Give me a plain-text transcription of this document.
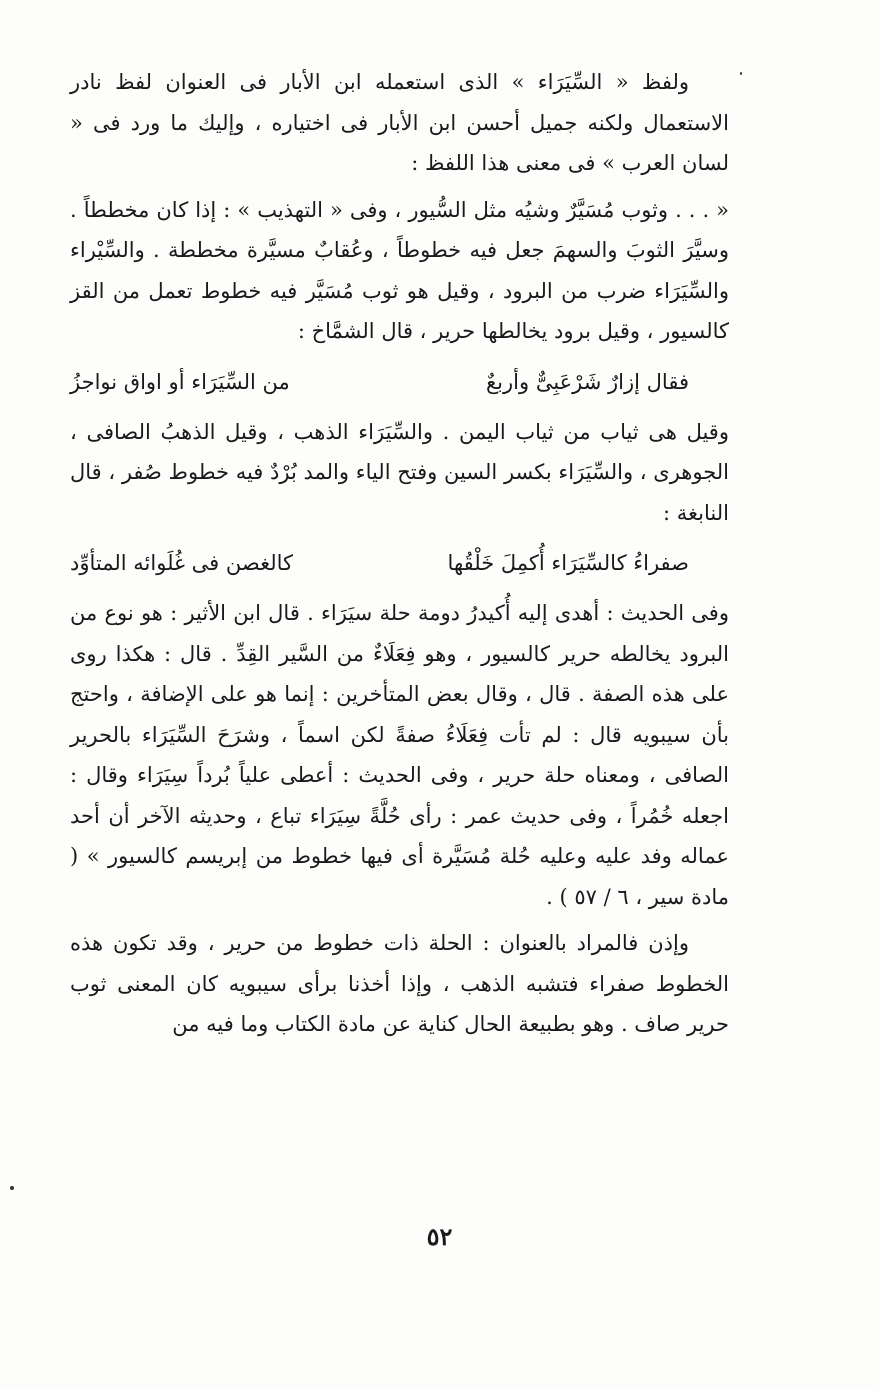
ولفظ « السِّيَرَاء » الذى استعمله ابن الأبار فى العنوان لفظ نادر الاستعمال ولكنه جميل أحسن ابن الأبار فى اختياره ، وإليك ما ورد فى « لسان العرب » فى معنى هذا اللفظ :

« . . . وثوب مُسَيَّرٌ وشيُه مثل السُّيور ، وفى « التهذيب » : إذا كان مخططاً . وسيَّرَ الثوبَ والسهمَ جعل فيه خطوطاً ، وعُقابٌ مسيَّرة مخططة . والسِّيْراء والسِّيَرَاء ضرب من البرود ، وقيل هو ثوب مُسَيَّر فيه خطوط تعمل من القز كالسيور ، وقيل برود يخالطها حرير ، قال الشمَّاخ :

فقال إزارٌ شَرْعَبِىٌّ وأربعٌ
من السِّيَرَاء أو اواق نواجزُ

وقيل هى ثياب من ثياب اليمن . والسِّيَرَاء الذهب ، وقيل الذهبُ الصافى ، الجوهرى ، والسِّيَرَاء بكسر السين وفتح الياء والمد بُرْدٌ فيه خطوط صُفر ، قال النابغة :

صفراءُ كالسِّيَرَاء أُكمِلَ خَلْقُها
كالغصن فى غُلَوائه المتأوِّد

وفى الحديث : أهدى إليه أُكيدرُ دومة حلة سيَرَاء . قال ابن الأثير : هو نوع من البرود يخالطه حرير كالسيور ، وهو فِعَلَاءٌ من السَّير القِدِّ . قال : هكذا روى على هذه الصفة . قال ، وقال بعض المتأخرين : إنما هو على الإضافة ، واحتج بأن سيبويه قال : لم تأت فِعَلَاءُ صفةً لكن اسماً ، وشرَحَ السِّيَرَاء بالحرير الصافى ، ومعناه حلة حرير ، وفى الحديث : أعطى علياً بُرداً سِيَرَاء وقال : اجعله خُمُراً ، وفى حديث عمر : رأى حُلَّةً سِيَرَاء تباع ، وحديثه الآخر أن أحد عماله وفد عليه وعليه حُلة مُسَيَّرة أى فيها خطوط من إبريسم كالسيور » ( مادة سير ، ٦ / ٥٧ ) .

وإذن فالمراد بالعنوان : الحلة ذات خطوط من حرير ، وقد تكون هذه الخطوط صفراء فتشبه الذهب ، وإذا أخذنا برأى سيبويه كان المعنى ثوب حرير صاف . وهو بطبيعة الحال كناية عن مادة الكتاب وما فيه من

٥٢
